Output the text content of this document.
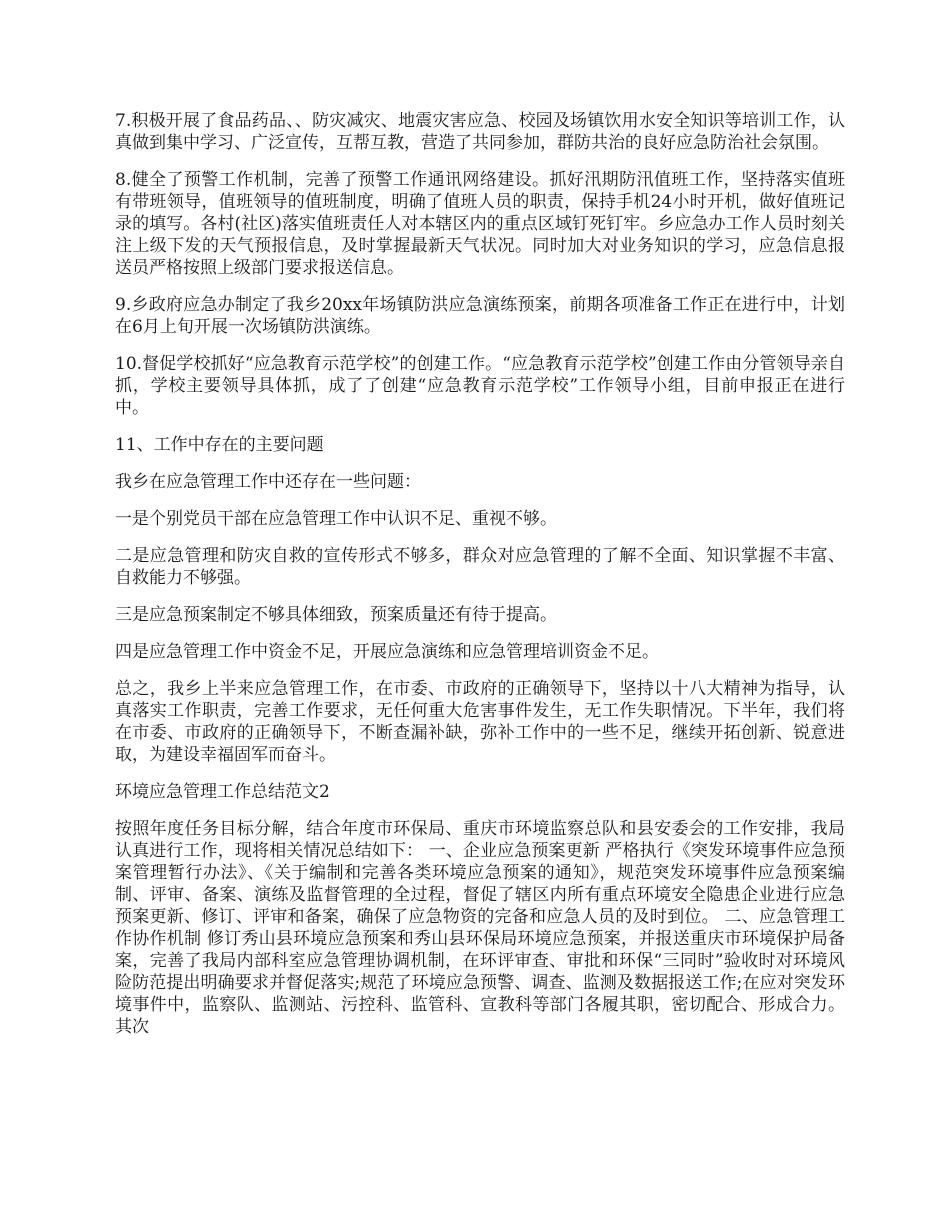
7.积极开展了食品药品、、防灾减灾、地震灾害应急、校园及场镇饮用水安全知识等培训工作，认真做到集中学习、广泛宣传，互帮互教，营造了共同参加，群防共治的良好应急防治社会氛围。

8.健全了预警工作机制，完善了预警工作通讯网络建设。抓好汛期防汛值班工作，坚持落实值班有带班领导，值班领导的值班制度，明确了值班人员的职责，保持手机24小时开机，做好值班记录的填写。各村(社区)落实值班责任人对本辖区内的重点区域钉死钉牢。乡应急办工作人员时刻关注上级下发的天气预报信息，及时掌握最新天气状况。同时加大对业务知识的学习，应急信息报送员严格按照上级部门要求报送信息。

9.乡政府应急办制定了我乡20xx年场镇防洪应急演练预案，前期各项准备工作正在进行中，计划在6月上旬开展一次场镇防洪演练。

10.督促学校抓好“应急教育示范学校”的创建工作。“应急教育示范学校”创建工作由分管领导亲自抓，学校主要领导具体抓，成了了创建“应急教育示范学校”工作领导小组，目前申报正在进行中。

11、工作中存在的主要问题

我乡在应急管理工作中还存在一些问题：

一是个别党员干部在应急管理工作中认识不足、重视不够。

二是应急管理和防灾自救的宣传形式不够多，群众对应急管理的了解不全面、知识掌握不丰富、自救能力不够强。

三是应急预案制定不够具体细致，预案质量还有待于提高。

四是应急管理工作中资金不足，开展应急演练和应急管理培训资金不足。

总之，我乡上半来应急管理工作，在市委、市政府的正确领导下，坚持以十八大精神为指导，认真落实工作职责，完善工作要求，无任何重大危害事件发生，无工作失职情况。下半年，我们将在市委、市政府的正确领导下，不断查漏补缺，弥补工作中的一些不足，继续开拓创新、锐意进取，为建设幸福固军而奋斗。

环境应急管理工作总结范文2

按照年度任务目标分解，结合年度市环保局、重庆市环境监察总队和县安委会的工作安排，我局认真进行工作，现将相关情况总结如下： 一、企业应急预案更新 严格执行《突发环境事件应急预案管理暂行办法》、《关于编制和完善各类环境应急预案的通知》，规范突发环境事件应急预案编制、评审、备案、演练及监督管理的全过程，督促了辖区内所有重点环境安全隐患企业进行应急预案更新、修订、评审和备案，确保了应急物资的完备和应急人员的及时到位。 二、应急管理工作协作机制 修订秀山县环境应急预案和秀山县环保局环境应急预案，并报送重庆市环境保护局备案，完善了我局内部科室应急管理协调机制，在环评审查、审批和环保“三同时”验收时对环境风险防范提出明确要求并督促落实;规范了环境应急预警、调查、监测及数据报送工作;在应对突发环境事件中，监察队、监测站、污控科、监管科、宣教科等部门各履其职，密切配合、形成合力。其次
